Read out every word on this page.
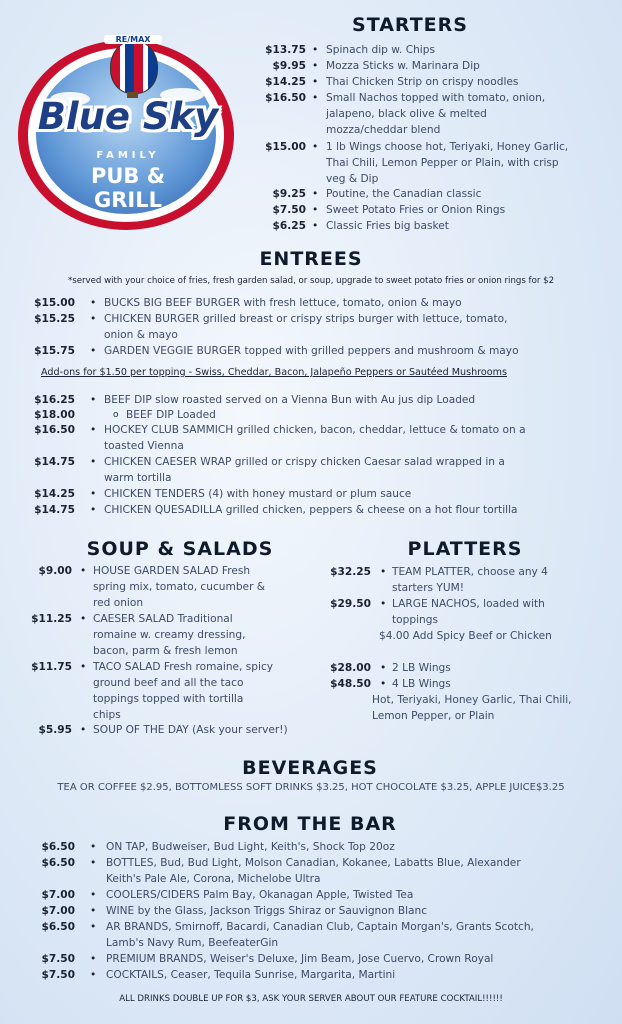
RE/MAX
Blue Sky
FAMILY
PUB & GRILL
STARTERS
$13.75 • Spinach dip w. Chips
$9.95 • Mozza Sticks w. Marinara Dip
$14.25 • Thai Chicken Strip on crispy noodles
$16.50 • Small Nachos topped with tomato, onion,
jalapeno, black olive & melted
mozza/cheddar blend
$15.00 • 1 lb Wings choose hot, Teriyaki, Honey Garlic,
Thai Chili, Lemon Pepper or Plain, with crisp
veg & Dip
$9.25 • Poutine, the Canadian classic
$7.50 • Sweet Potato Fries or Onion Rings
$6.25 • Classic Fries big basket
ENTREES
*served with your choice of fries, fresh garden salad, or soup, upgrade to sweet potato fries or onion rings for $2
$15.00 • BUCKS BIG BEEF BURGER with fresh lettuce, tomato, onion & mayo
$15.25 • CHICKEN BURGER grilled breast or crispy strips burger with lettuce, tomato,
onion & mayo
$15.75 • GARDEN VEGGIE BURGER topped with grilled peppers and mushroom & mayo
Add-ons for $1.50 per topping - Swiss, Cheddar, Bacon, Jalapeño Peppers or Sautéed Mushrooms
$16.25 • BEEF DIP slow roasted served on a Vienna Bun with Au jus dip Loaded
$18.00	o BEEF DIP Loaded
$16.50 • HOCKEY CLUB SAMMICH grilled chicken, bacon, cheddar, lettuce & tomato on a
toasted Vienna
$14.75 • CHICKEN CAESER WRAP grilled or crispy chicken Caesar salad wrapped in a
warm tortilla
$14.25 • CHICKEN TENDERS (4) with honey mustard or plum sauce
$14.75 • CHICKEN QUESADILLA grilled chicken, peppers & cheese on a hot flour tortilla
SOUP & SALADS
$9.00 • HOUSE GARDEN SALAD Fresh
spring mix, tomato, cucumber &
red onion
$11.25 • CAESER SALAD Traditional
romaine w. creamy dressing,
bacon, parm & fresh lemon
$11.75 • TACO SALAD Fresh romaine, spicy
ground beef and all the taco
toppings topped with tortilla
chips
$5.95 • SOUP OF THE DAY (Ask your server!)
PLATTERS
$32.25 • TEAM PLATTER, choose any 4
starters YUM!
$29.50 • LARGE NACHOS, loaded with
toppings
$28.00 • 2 LB Wings
$48.50 • 4 LB Wings
$4.00 Add Spicy Beef or Chicken
Hot, Teriyaki, Honey Garlic, Thai Chili,
Lemon Pepper, or Plain
BEVERAGES
TEA OR COFFEE $2.95, BOTTOMLESS SOFT DRINKS $3.25, HOT CHOCOLATE $3.25, APPLE JUICE$3.25
FROM THE BAR
$6.50 • ON TAP, Budweiser, Bud Light, Keith's, Shock Top 20oz
$6.50 • BOTTLES, Bud, Bud Light, Molson Canadian, Kokanee, Labatts Blue, Alexander
Keith's Pale Ale, Corona, Michelobe Ultra
$7.00 • COOLERS/CIDERS Palm Bay, Okanagan Apple, Twisted Tea
$7.00 • WINE by the Glass, Jackson Triggs Shiraz or Sauvignon Blanc
$6.50 • AR BRANDS, Smirnoff, Bacardi, Canadian Club, Captain Morgan's, Grants Scotch,
Lamb's Navy Rum, BeefeaterGin
• PREMIUM BRANDS, Weiser's Deluxe, Jim Beam, Jose Cuervo, Crown Royal
$7.50 • COCKTAILS, Ceaser, Tequila Sunrise, Margarita, Martini
$7.50
ALL DRINKS DOUBLE UP FOR $3, ASK YOUR SERVER ABOUT OUR FEATURE COCKTAIL!!!!!!
